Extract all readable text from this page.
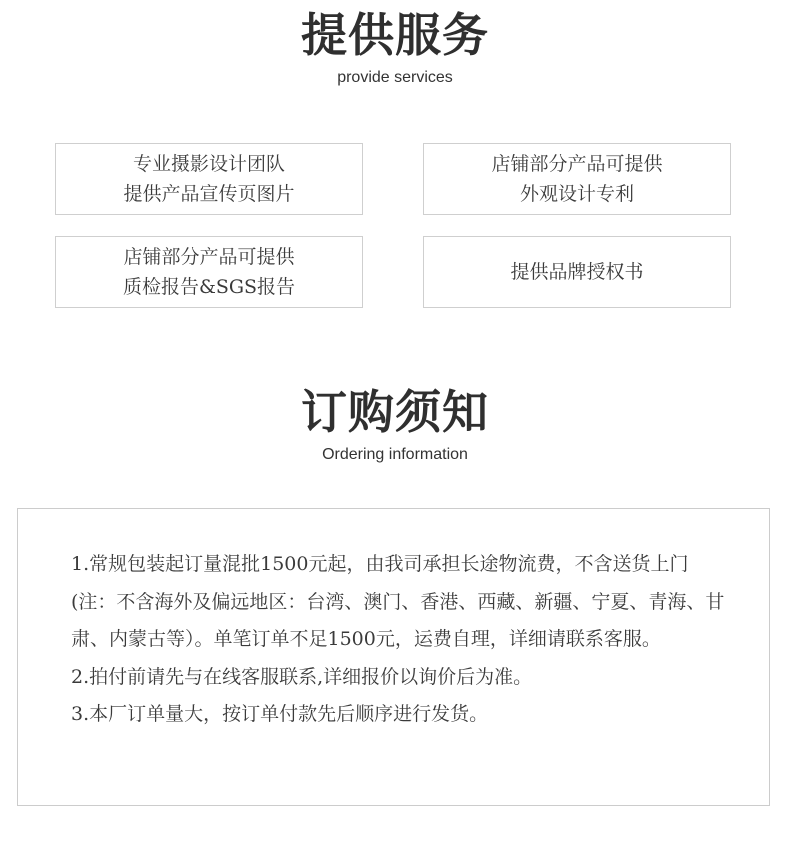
提供服务
provide services
专业摄影设计团队
提供产品宣传页图片
店铺部分产品可提供
外观设计专利
店铺部分产品可提供
质检报告&SGS报告
提供品牌授权书
订购须知
Ordering information

1.常规包装起订量混批1500元起，由我司承担长途物流费，不含送货上门(注：不含海外及偏远地区：台湾、澳门、香港、西藏、新疆、宁夏、青海、甘肃、内蒙古等）。单笔订单不足1500元，运费自理，详细请联系客服。

2.拍付前请先与在线客服联系,详细报价以询价后为准。

3.本厂订单量大，按订单付款先后顺序进行发货。
